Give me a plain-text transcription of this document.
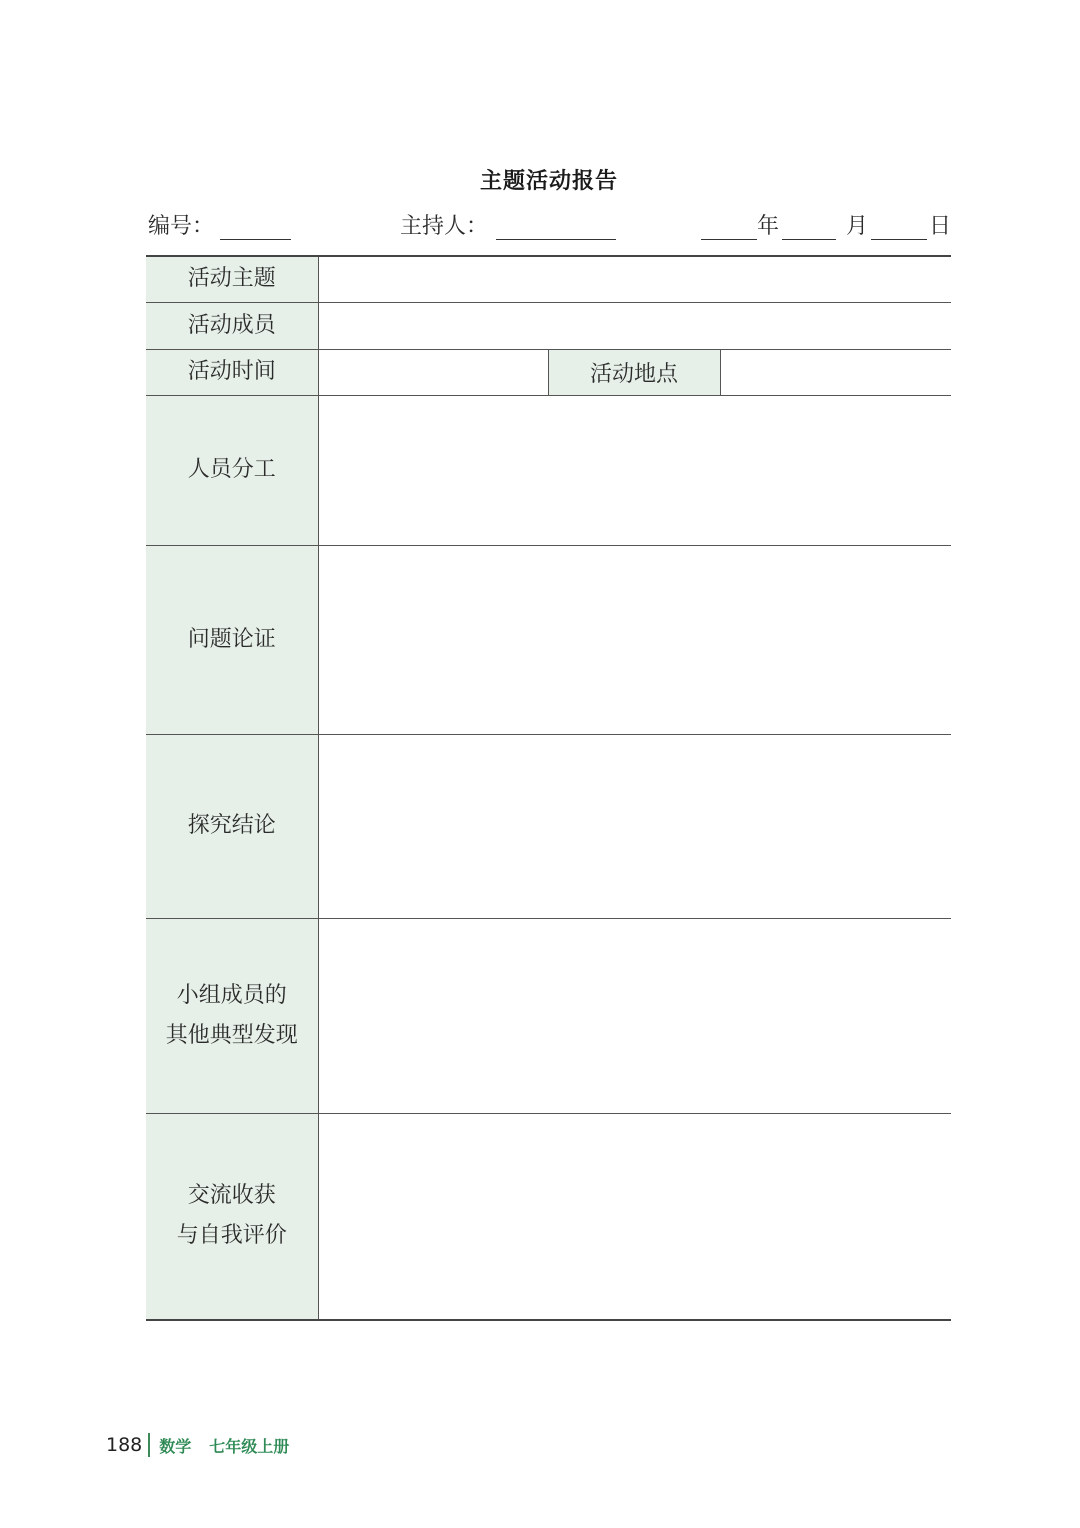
主题活动报告
编号：	主持人：	年	月	日
活动主题			
活动成员			
活动时间		活动地点	
人员分工			
问题论证			
探究结论			

小组成员的
其他典型发现			

交流收获
与自我评价			

188 数学 七年级上册
